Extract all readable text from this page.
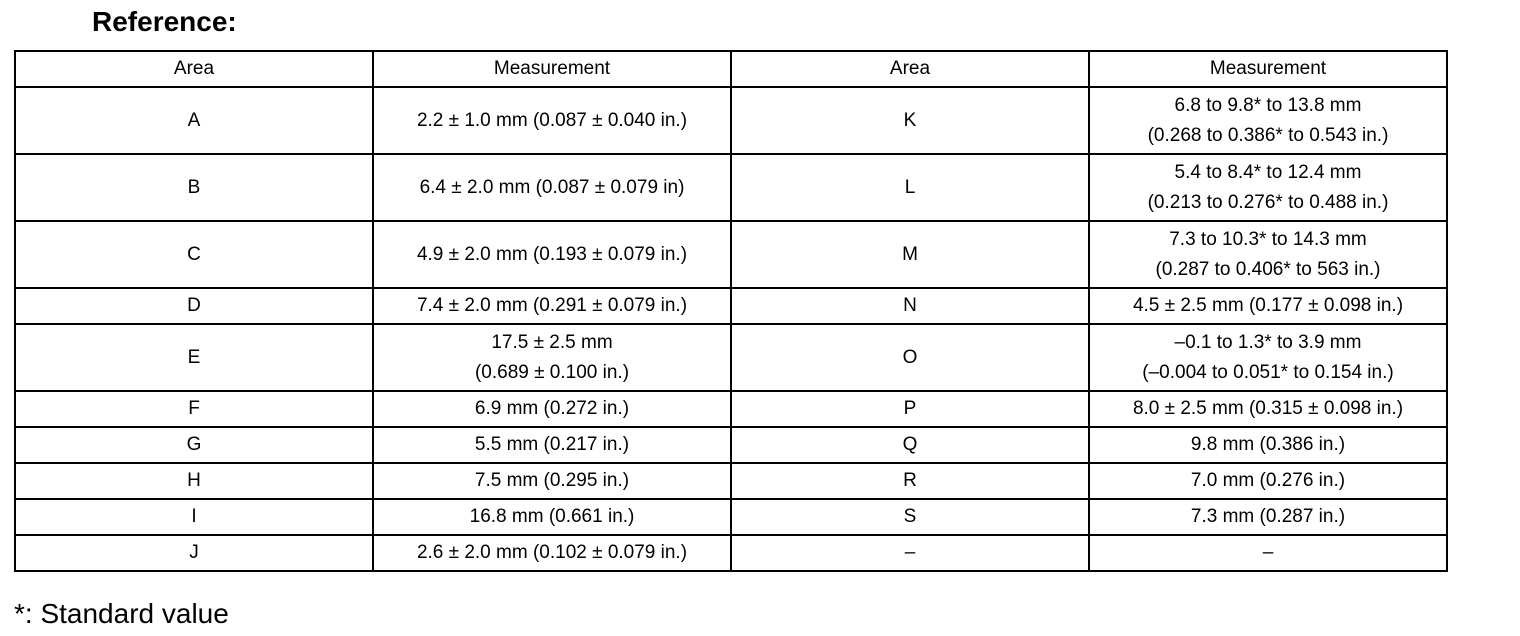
Reference:
Area	Measurement	Area	Measurement
A	2.2 ± 1.0 mm (0.087 ± 0.040 in.)	K	6.8 to 9.8* to 13.8 mm
(0.268 to 0.386* to 0.543 in.)

B	6.4 ± 2.0 mm (0.087 ± 0.079 in)	L	5.4 to 8.4* to 12.4 mm
(0.213 to 0.276* to 0.488 in.)

C	4.9 ± 2.0 mm (0.193 ± 0.079 in.)	M	7.3 to 10.3* to 14.3 mm
(0.287 to 0.406* to 563 in.)

D	7.4 ± 2.0 mm (0.291 ± 0.079 in.)	N	4.5 ± 2.5 mm (0.177 ± 0.098 in.)

E	17.5 ± 2.5 mm
(0.689 ± 0.100 in.)	O	–0.1 to 1.3* to 3.9 mm
(–0.004 to 0.051* to 0.154 in.)

F	6.9 mm (0.272 in.)	P	8.0 ± 2.5 mm (0.315 ± 0.098 in.)

G	5.5 mm (0.217 in.)	Q	9.8 mm (0.386 in.)

H	7.5 mm (0.295 in.)	R	7.0 mm (0.276 in.)

I	16.8 mm (0.661 in.)	S	7.3 mm (0.287 in.)

J	2.6 ± 2.0 mm (0.102 ± 0.079 in.)	–	–
*: Standard value
